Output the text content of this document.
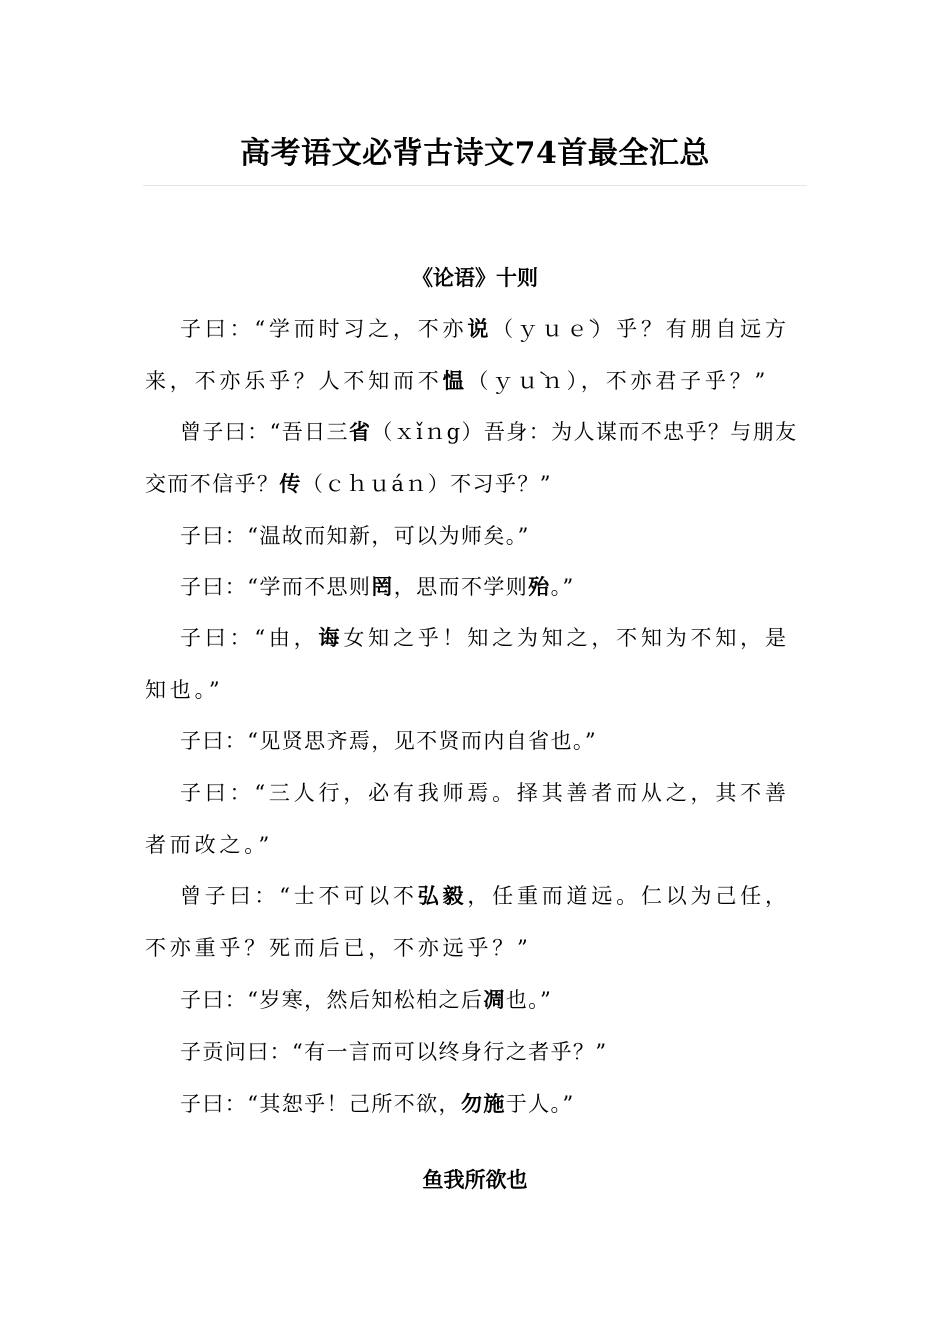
高考语文必背古诗文74首最全汇总
《论语》十则

子曰：“学而时习之，不亦说（ｙｕｅ̀）乎？有朋自远方来，不亦乐乎？人不知而不愠（ｙｕ̀ｎ），不亦君子乎？”

曾子曰：“吾日三省（ｘǐｎg）吾身：为人谋而不忠乎？与朋友交而不信乎？传（ｃｈｕáｎ）不习乎？”

子曰：“温故而知新，可以为师矣。”

子曰：“学而不思则罔，思而不学则殆。”

子曰：“由，诲女知之乎！知之为知之，不知为不知，是知也。”

子曰：“见贤思齐焉，见不贤而内自省也。”

子曰：“三人行，必有我师焉。择其善者而从之，其不善者而改之。”

曾子曰：“士不可以不弘毅，任重而道远。仁以为己任，不亦重乎？死而后已，不亦远乎？”

子曰：“岁寒，然后知松柏之后凋也。”

子贡问曰：“有一言而可以终身行之者乎？”

子曰：“其恕乎！己所不欲，勿施于人。”

鱼我所欲也
